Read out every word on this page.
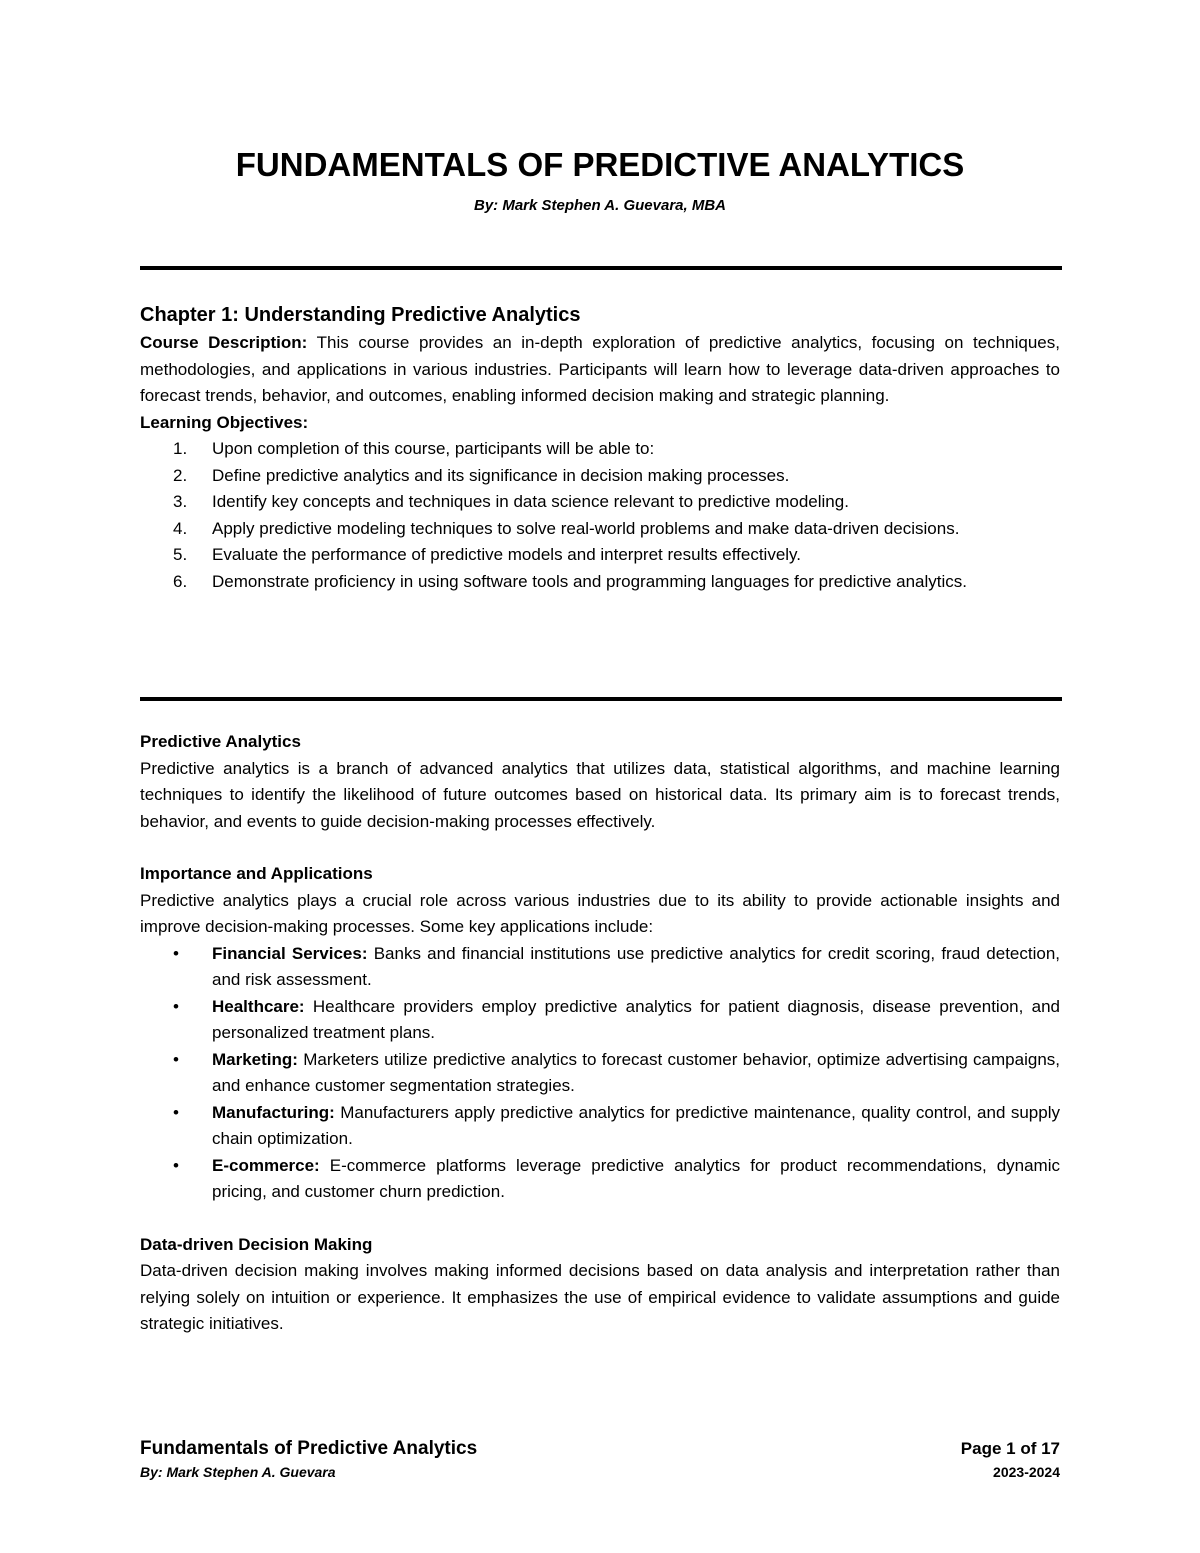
FUNDAMENTALS OF PREDICTIVE ANALYTICS
By: Mark Stephen A. Guevara, MBA
Chapter 1: Understanding Predictive Analytics

Course Description: This course provides an in-depth exploration of predictive analytics, focusing on techniques, methodologies, and applications in various industries. Participants will learn how to leverage data-driven approaches to forecast trends, behavior, and outcomes, enabling informed decision making and strategic planning.

Learning Objectives:
1. Upon completion of this course, participants will be able to:
2. Define predictive analytics and its significance in decision making processes.
3. Identify key concepts and techniques in data science relevant to predictive modeling.
4. Apply predictive modeling techniques to solve real-world problems and make data-driven decisions.
5. Evaluate the performance of predictive models and interpret results effectively.
6. Demonstrate proficiency in using software tools and programming languages for predictive analytics.
Predictive Analytics

Predictive analytics is a branch of advanced analytics that utilizes data, statistical algorithms, and machine learning techniques to identify the likelihood of future outcomes based on historical data. Its primary aim is to forecast trends, behavior, and events to guide decision-making processes effectively.

Importance and Applications

Predictive analytics plays a crucial role across various industries due to its ability to provide actionable insights and improve decision-making processes. Some key applications include:

• Financial Services: Banks and financial institutions use predictive analytics for credit scoring, fraud detection, and risk assessment.
• Healthcare: Healthcare providers employ predictive analytics for patient diagnosis, disease prevention, and personalized treatment plans.
• Marketing: Marketers utilize predictive analytics to forecast customer behavior, optimize advertising campaigns, and enhance customer segmentation strategies.
• Manufacturing: Manufacturers apply predictive analytics for predictive maintenance, quality control, and supply chain optimization.
• E-commerce: E-commerce platforms leverage predictive analytics for product recommendations, dynamic pricing, and customer churn prediction.
Data-driven Decision Making

Data-driven decision making involves making informed decisions based on data analysis and interpretation rather than relying solely on intuition or experience. It emphasizes the use of empirical evidence to validate assumptions and guide strategic initiatives.

Fundamentals of Predictive Analytics	Page 1 of 17
By: Mark Stephen A. Guevara	2023-2024
